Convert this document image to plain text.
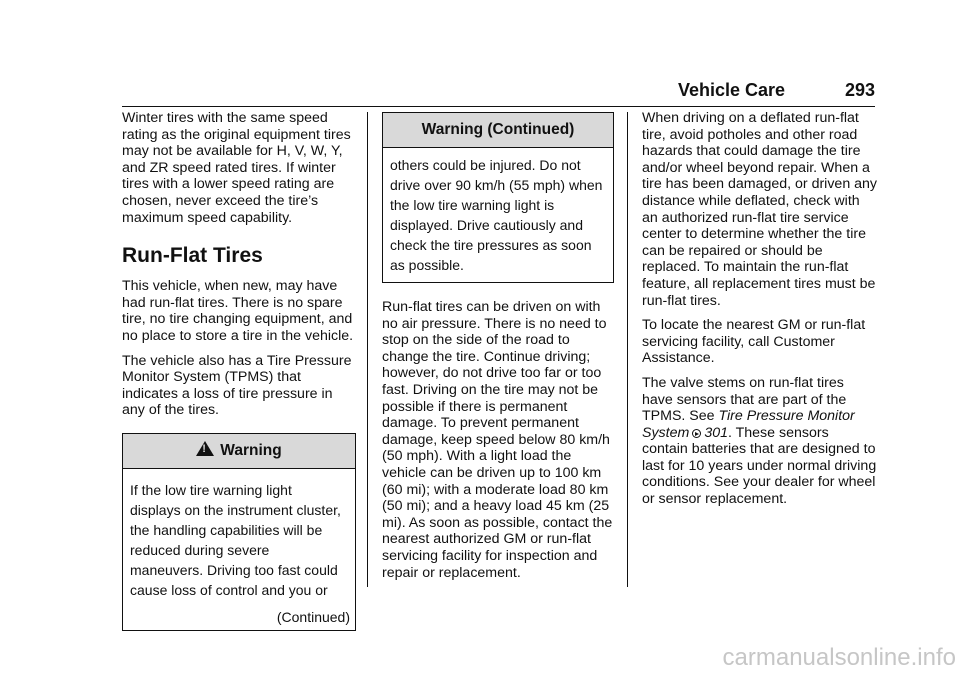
Vehicle Care	293

Winter tires with the same speed rating as the original equipment tires may not be available for H, V, W, Y, and ZR speed rated tires. If winter tires with a lower speed rating are chosen, never exceed the tire’s maximum speed capability.

Run-Flat Tires

This vehicle, when new, may have had run-flat tires. There is no spare tire, no tire changing equipment, and no place to store a tire in the vehicle.

The vehicle also has a Tire Pressure Monitor System (TPMS) that indicates a loss of tire pressure in any of the tires.

!Warning
If the low tire warning light
displays on the instrument cluster,
the handling capabilities will be
reduced during severe
maneuvers. Driving too fast could
cause loss of control and you or
(Continued)
Warning (Continued)
others could be injured. Do not
drive over 90 km/h (55 mph) when
the low tire warning light is
displayed. Drive cautiously and
check the tire pressures as soon
as possible.

Run-flat tires can be driven on with no air pressure. There is no need to stop on the side of the road to change the tire. Continue driving; however, do not drive too far or too fast. Driving on the tire may not be possible if there is permanent damage. To prevent permanent damage, keep speed below 80 km/h (50 mph). With a light load the vehicle can be driven up to 100 km (60 mi); with a moderate load 80 km (50 mi); and a heavy load 45 km (25 mi). As soon as possible, contact the nearest authorized GM or run-flat servicing facility for inspection and repair or replacement.

When driving on a deflated run-flat tire, avoid potholes and other road hazards that could damage the tire and/or wheel beyond repair. When a tire has been damaged, or driven any distance while deflated, check with an authorized run-flat tire service center to determine whether the tire can be repaired or should be replaced. To maintain the run-flat feature, all replacement tires must be run-flat tires.

To locate the nearest GM or run-flat servicing facility, call Customer Assistance.

The valve stems on run-flat tires have sensors that are part of the TPMS. See Tire Pressure Monitor System 301. These sensors contain batteries that are designed to last for 10 years under normal driving conditions. See your dealer for wheel or sensor replacement.

carmanualsonline.info
